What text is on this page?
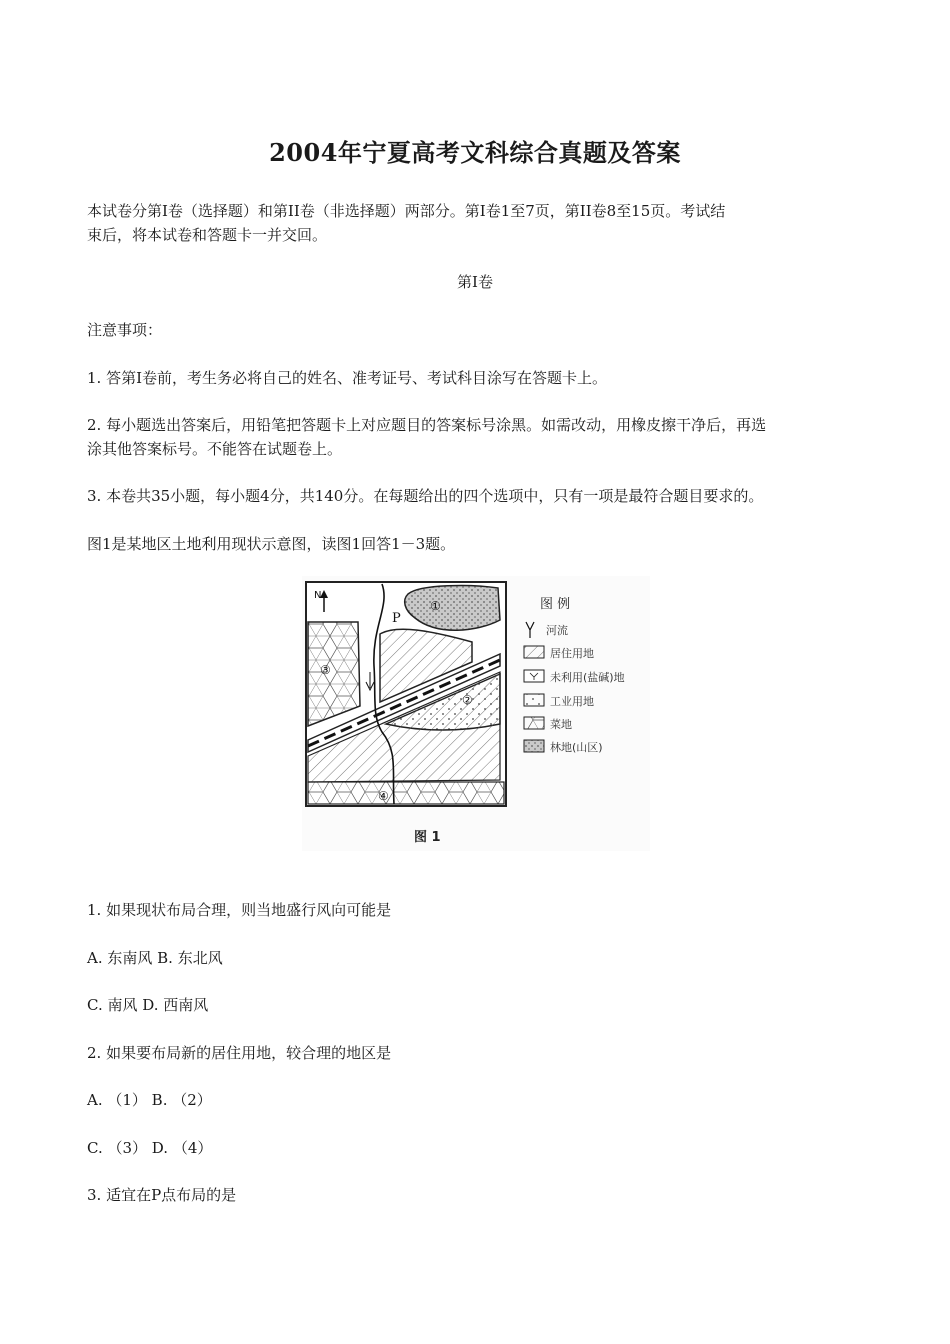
2004年宁夏高考文科综合真题及答案
本试卷分第I卷（选择题）和第II卷（非选择题）两部分。第I卷1至7页，第II卷8至15页。考试结
束后，将本试卷和答题卡一并交回。
第I卷
注意事项：
1. 答第I卷前，考生务必将自己的姓名、准考证号、考试科目涂写在答题卡上。
2. 每小题选出答案后，用铅笔把答题卡上对应题目的答案标号涂黑。如需改动，用橡皮擦干净后，再选
涂其他答案标号。不能答在试题卷上。
3. 本卷共35小题，每小题4分，共140分。在每题给出的四个选项中，只有一项是最符合题目要求的。
图1是某地区土地利用现状示意图，读图1回答1－3题。
N
P
①
②
③
④
图 例
河流
居住用地
未利用(盐碱)地
工业用地
菜地
林地(山区)
图 1
1. 如果现状布局合理，则当地盛行风向可能是
A. 东南风 B. 东北风
C. 南风 D. 西南风
2. 如果要布局新的居住用地，较合理的地区是
A. （1） B. （2）
C. （3） D. （4）
3. 适宜在P点布局的是
